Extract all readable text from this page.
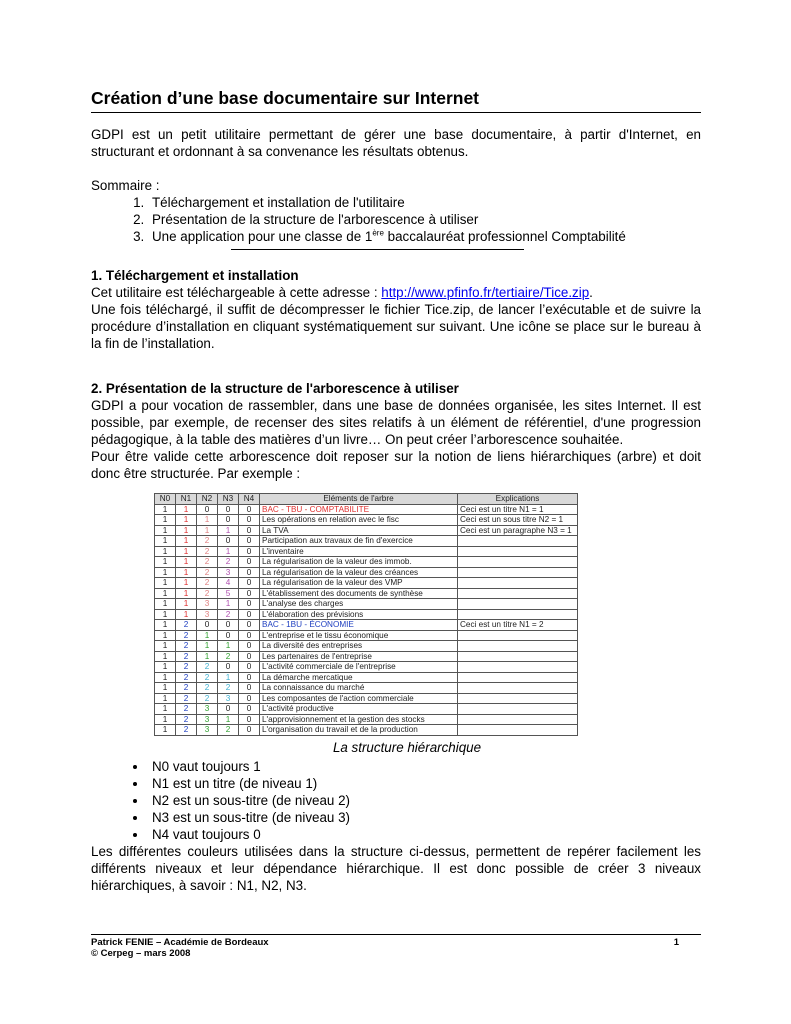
Création d’une base documentaire sur Internet

GDPI est un petit utilitaire permettant de gérer une base documentaire, à partir d'Internet, en structurant et ordonnant à sa convenance les résultats obtenus.

Sommaire :

1. Téléchargement et installation de l'utilitaire
2. Présentation de la structure de l'arborescence à utiliser
3. Une application pour une classe de 1ère baccalauréat professionnel Comptabilité
1. Téléchargement et installation

Cet utilitaire est téléchargeable à cette adresse : http://www.pfinfo.fr/tertiaire/Tice.zip.

Une fois téléchargé, il suffit de décompresser le fichier Tice.zip, de lancer l’exécutable et de suivre la procédure d’installation en cliquant systématiquement sur suivant. Une icône se place sur le bureau à la fin de l’installation.

2. Présentation de la structure de l'arborescence à utiliser

GDPI a pour vocation de rassembler, dans une base de données organisée, les sites Internet. Il est possible, par exemple, de recenser des sites relatifs à un élément de référentiel, d'une progression pédagogique, à la table des matières d’un livre… On peut créer l’arborescence souhaitée.

Pour être valide cette arborescence doit reposer sur la notion de liens hiérarchiques (arbre) et doit donc être structurée. Par exemple :

N0	N1	N2	N3	N4	Eléments de l'arbre	Explications
1	1	0	0	0	BAC - TBU - COMPTABILITE	Ceci est un titre N1 = 1
1	1	1	0	0	Les opérations en relation avec le fisc	Ceci est un sous titre N2 = 1
1	1	1	1	0	La TVA	Ceci est un paragraphe N3 = 1
1	1	2	0	0	Participation aux travaux de fin d'exercice	
1	1	2	1	0	L'inventaire	
1	1	2	2	0	La régularisation de la valeur des immob.	
1	1	2	3	0	La régularisation de la valeur des créances	
1	1	2	4	0	La régularisation de la valeur des VMP	
1	1	2	5	0	L'établissement des documents de synthèse	
1	1	3	1	0	L'analyse des charges	
1	1	3	2	0	L'élaboration des prévisions	
1	2	0	0	0	BAC - 1BU - ÉCONOMIE	Ceci est un titre N1 = 2
1	2	1	0	0	L'entreprise et le tissu économique	
1	2	1	1	0	La diversité des entreprises	
1	2	1	2	0	Les partenaires de l'entreprise	
1	2	2	0	0	L'activité commerciale de l'entreprise	
1	2	2	1	0	La démarche mercatique	
1	2	2	2	0	La connaissance du marché	
1	2	2	3	0	Les composantes de l'action commerciale	
1	2	3	0	0	L'activité productive	
1	2	3	1	0	L'approvisionnement et la gestion des stocks	
1	2	3	2	0	L'organisation du travail et de la production	

La structure hiérarchique

• N0 vaut toujours 1
• N1 est un titre (de niveau 1)
• N2 est un sous-titre (de niveau 2)
• N3 est un sous-titre (de niveau 3)
• N4 vaut toujours 0

Les différentes couleurs utilisées dans la structure ci-dessus, permettent de repérer facilement les différents niveaux et leur dépendance hiérarchique. Il est donc possible de créer 3 niveaux hiérarchiques, à savoir : N1, N2, N3.

Patrick FENIE – Académie de Bordeaux
© Cerpeg – mars 2008
1
